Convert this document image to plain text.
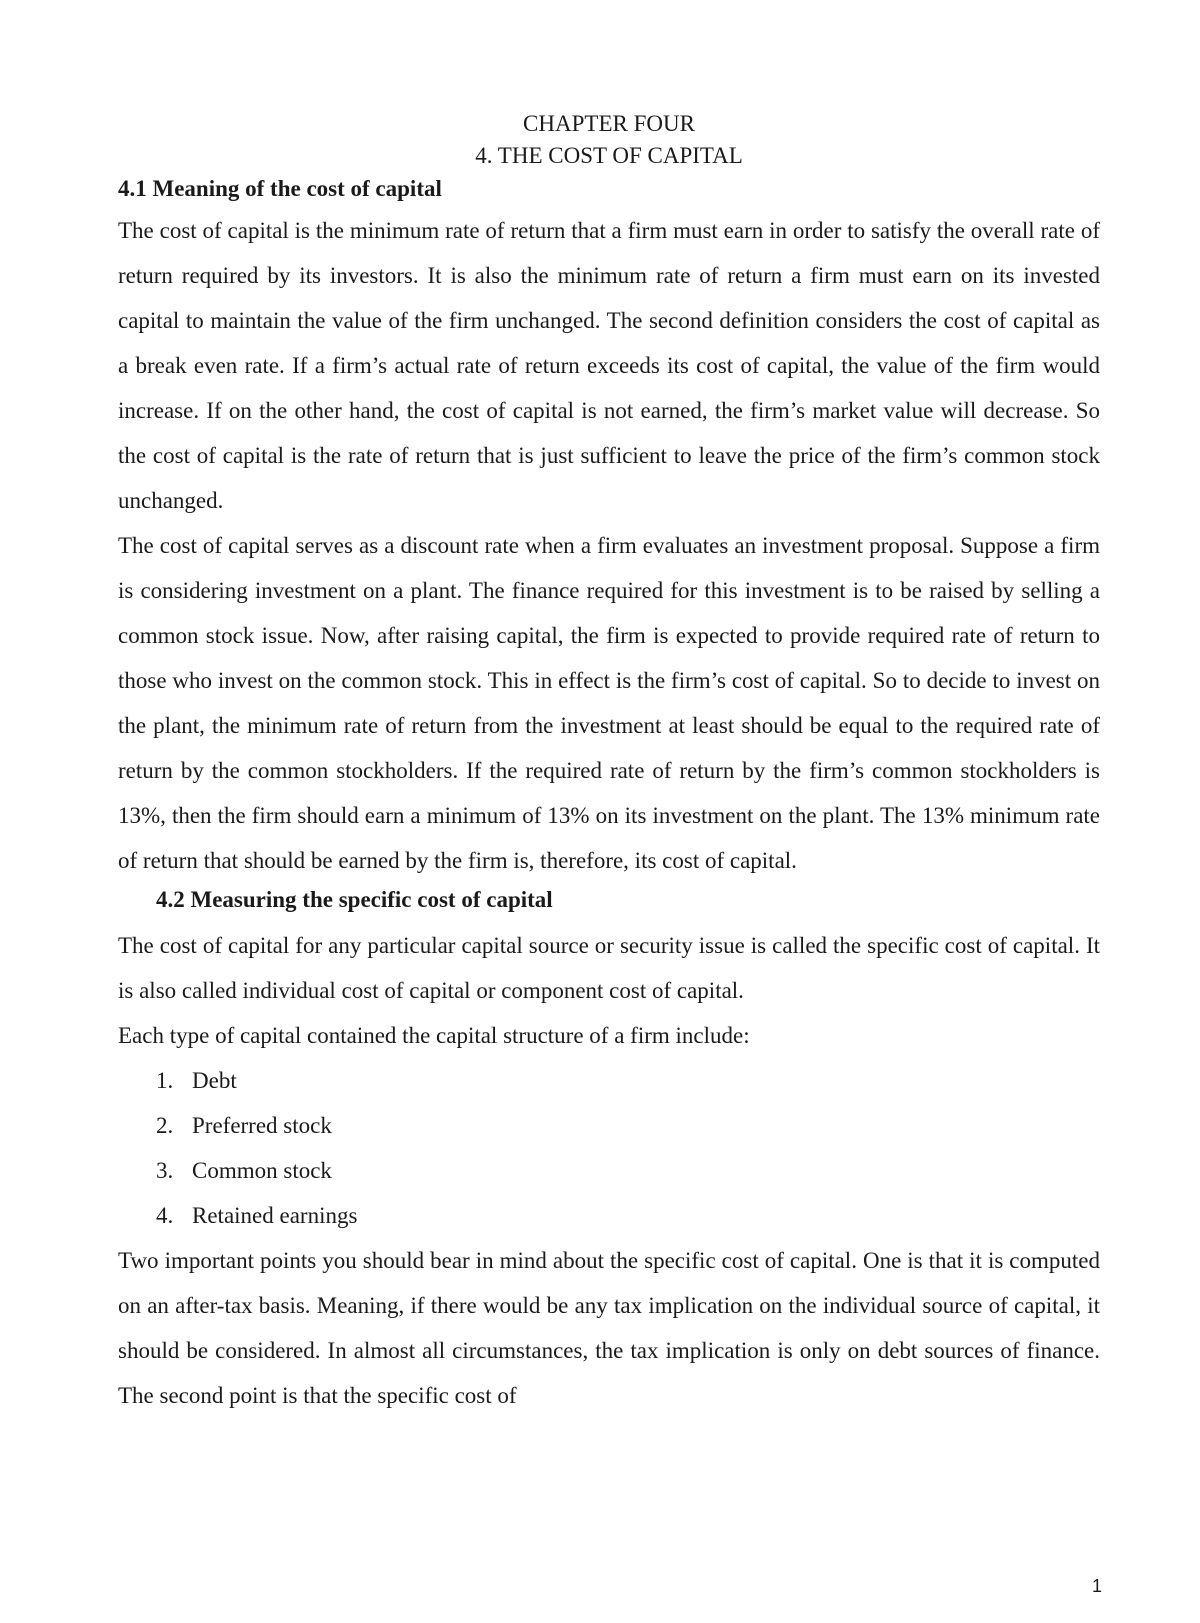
CHAPTER FOUR

4. THE COST OF CAPITAL

4.1 Meaning of the cost of capital

The cost of capital is the minimum rate of return that a firm must earn in order to satisfy the overall rate of return required by its investors. It is also the minimum rate of return a firm must earn on its invested capital to maintain the value of the firm unchanged. The second definition considers the cost of capital as a break even rate. If a firm’s actual rate of return exceeds its cost of capital, the value of the firm would increase. If on the other hand, the cost of capital is not earned, the firm’s market value will decrease. So the cost of capital is the rate of return that is just sufficient to leave the price of the firm’s common stock unchanged.

The cost of capital serves as a discount rate when a firm evaluates an investment proposal. Suppose a firm is considering investment on a plant. The finance required for this investment is to be raised by selling a common stock issue. Now, after raising capital, the firm is expected to provide required rate of return to those who invest on the common stock. This in effect is the firm’s cost of capital. So to decide to invest on the plant, the minimum rate of return from the investment at least should be equal to the required rate of return by the common stockholders. If the required rate of return by the firm’s common stockholders is 13%, then the firm should earn a minimum of 13% on its investment on the plant. The 13% minimum rate of return that should be earned by the firm is, therefore, its cost of capital.

4.2 Measuring the specific cost of capital

The cost of capital for any particular capital source or security issue is called the specific cost of capital. It is also called individual cost of capital or component cost of capital.

Each type of capital contained the capital structure of a firm include:

1. Debt
2. Preferred stock
3. Common stock
4. Retained earnings

Two important points you should bear in mind about the specific cost of capital. One is that it is computed on an after-tax basis. Meaning, if there would be any tax implication on the individual source of capital, it should be considered. In almost all circumstances, the tax implication is only on debt sources of finance. The second point is that the specific cost of

1
